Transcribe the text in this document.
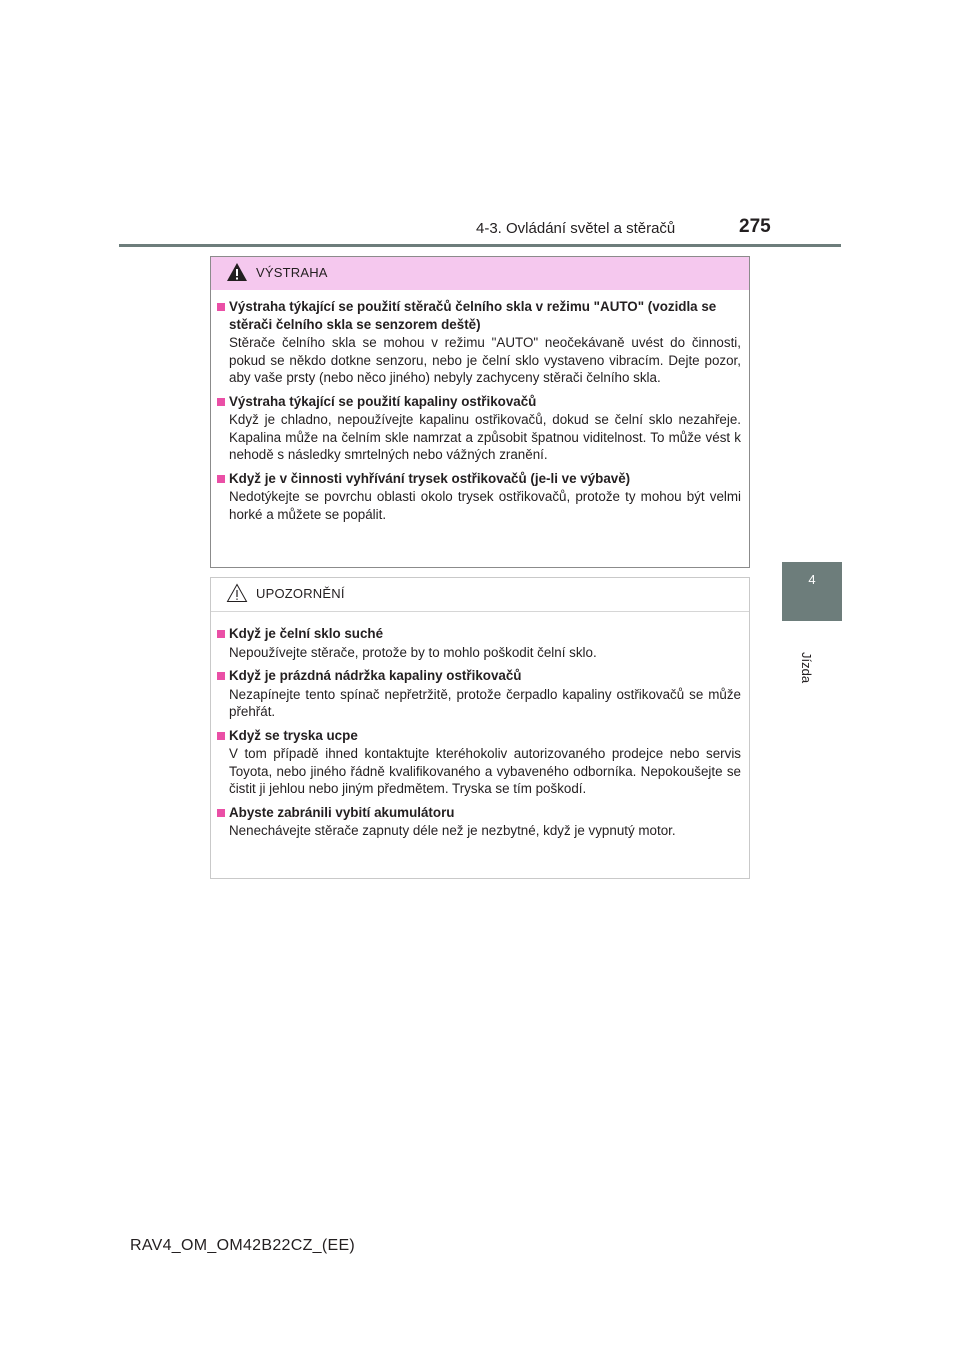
4-3. Ovládání světel a stěračů	275
4
Jízda
VÝSTRAHA
Výstraha týkající se použití stěračů čelního skla v režimu "AUTO" (vozidla se stěrači čelního skla se senzorem deště)
Stěrače čelního skla se mohou v režimu "AUTO" neočekávaně uvést do činnosti, pokud se někdo dotkne senzoru, nebo je čelní sklo vystaveno vibracím. Dejte pozor, aby vaše prsty (nebo něco jiného) nebyly zachyceny stěrači čelního skla.
Výstraha týkající se použití kapaliny ostřikovačů
Když je chladno, nepoužívejte kapalinu ostřikovačů, dokud se čelní sklo nezahřeje. Kapalina může na čelním skle namrzat a způsobit špatnou viditelnost. To může vést k nehodě s následky smrtelných nebo vážných zranění.
Když je v činnosti vyhřívání trysek ostřikovačů (je-li ve výbavě)
Nedotýkejte se povrchu oblasti okolo trysek ostřikovačů, protože ty mohou být velmi horké a můžete se popálit.
UPOZORNĚNÍ
Když je čelní sklo suché
Nepoužívejte stěrače, protože by to mohlo poškodit čelní sklo.
Když je prázdná nádržka kapaliny ostřikovačů
Nezapínejte tento spínač nepřetržitě, protože čerpadlo kapaliny ostřikovačů se může přehřát.
Když se tryska ucpe
V tom případě ihned kontaktujte kteréhokoliv autorizovaného prodejce nebo servis Toyota, nebo jiného řádně kvalifikovaného a vybaveného odborníka. Nepokoušejte se čistit ji jehlou nebo jiným předmětem. Tryska se tím poškodí.
Abyste zabránili vybití akumulátoru
Nenechávejte stěrače zapnuty déle než je nezbytné, když je vypnutý motor.
RAV4_OM_OM42B22CZ_(EE)
